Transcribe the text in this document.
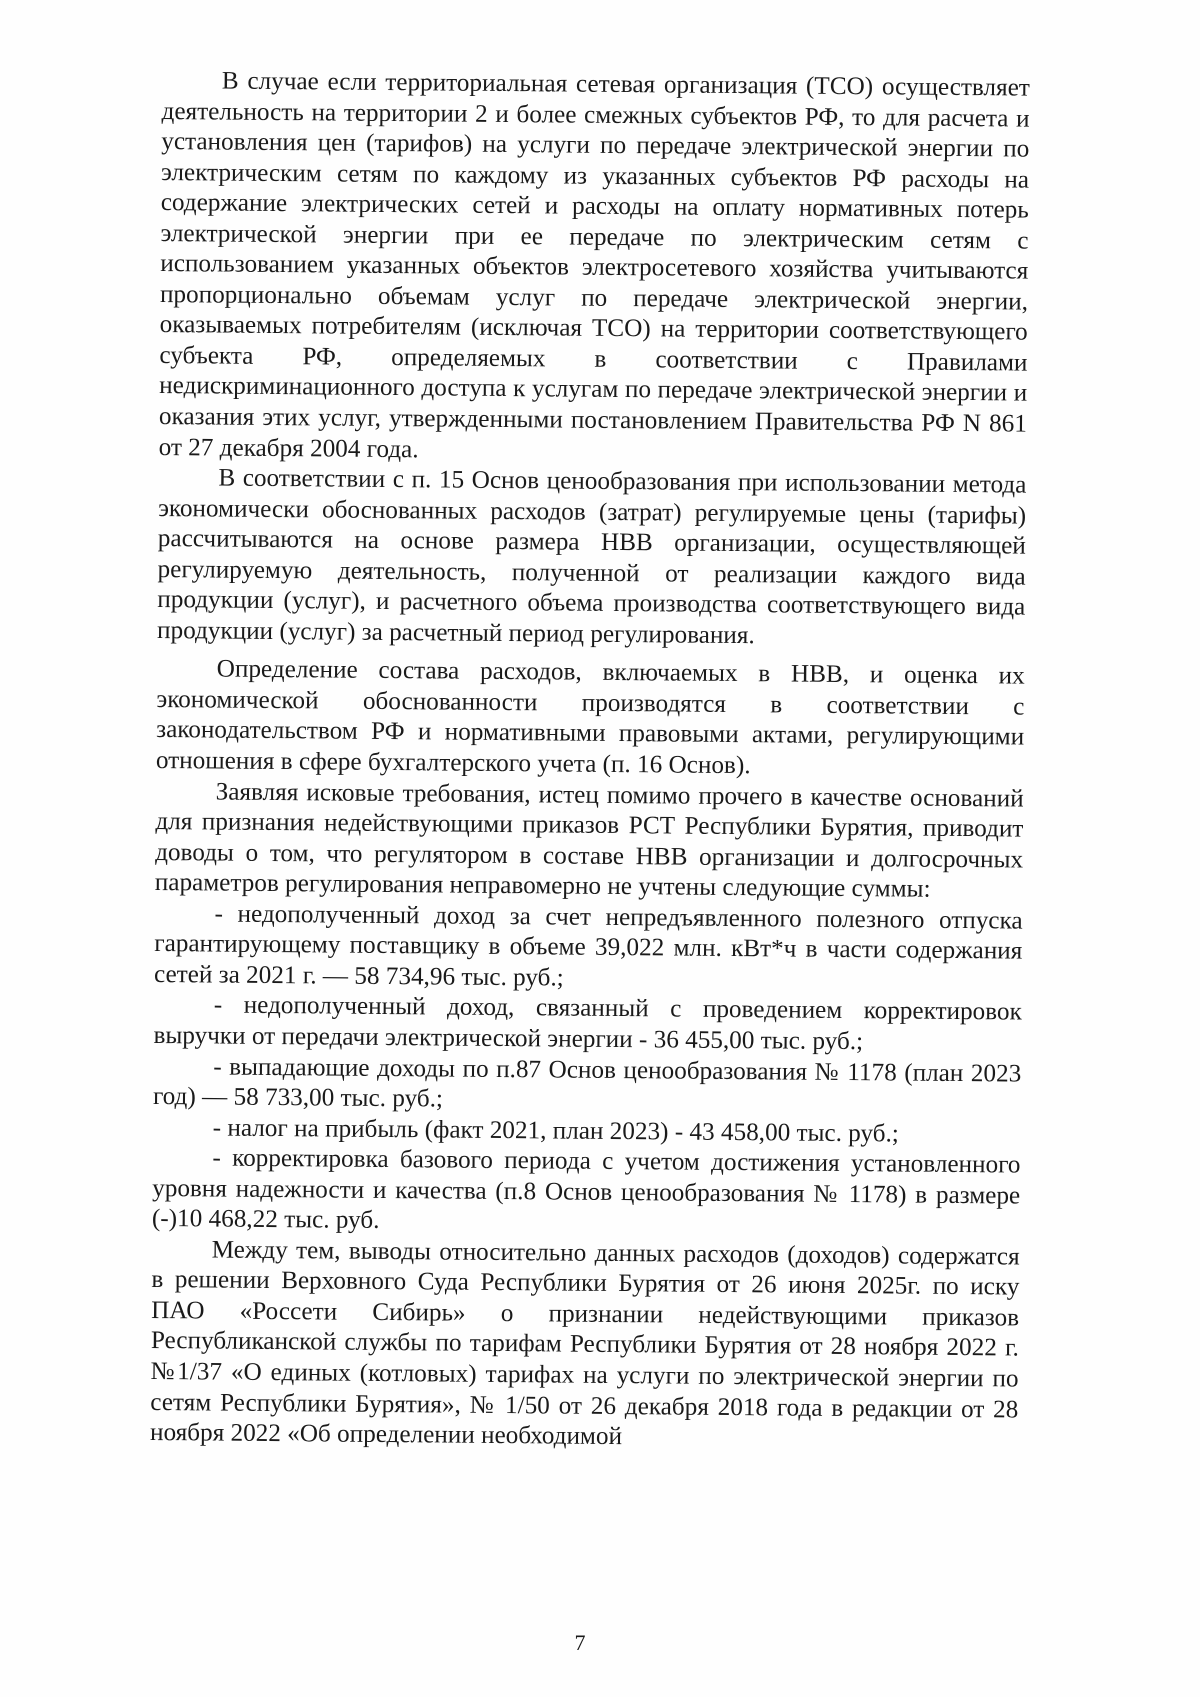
В случае если территориальная сетевая организация (ТСО) осуществляет деятельность на территории 2 и более смежных субъектов РФ, то для расчета и установления цен (тарифов) на услуги по передаче электрической энергии по электрическим сетям по каждому из указанных субъектов РФ расходы на содержание электрических сетей и расходы на оплату нормативных потерь электрической энергии при ее передаче по электрическим сетям с использованием указанных объектов электросетевого хозяйства учитываются пропорционально объемам услуг по передаче электрической энергии, оказываемых потребителям (исключая ТСО) на территории соответствующего субъекта РФ, определяемых в соответствии с Правилами недискриминационного доступа к услугам по передаче электрической энергии и оказания этих услуг, утвержденными постановлением Правительства РФ N 861 от 27 декабря 2004 года.

В соответствии с п. 15 Основ ценообразования при использовании метода экономически обоснованных расходов (затрат) регулируемые цены (тарифы) рассчитываются на основе размера НВВ организации, осуществляющей регулируемую деятельность, полученной от реализации каждого вида продукции (услуг), и расчетного объема производства соответствующего вида продукции (услуг) за расчетный период регулирования.

Определение состава расходов, включаемых в НВВ, и оценка их экономической обоснованности производятся в соответствии с законодательством РФ и нормативными правовыми актами, регулирующими отношения в сфере бухгалтерского учета (п. 16 Основ).

Заявляя исковые требования, истец помимо прочего в качестве оснований для признания недействующими приказов РСТ Республики Бурятия, приводит доводы о том, что регулятором в составе НВВ организации и долгосрочных параметров регулирования неправомерно не учтены следующие суммы:

- недополученный доход за счет непредъявленного полезного отпуска гарантирующему поставщику в объеме 39,022 млн. кВт*ч в части содержания сетей за 2021 г. — 58 734,96 тыс. руб.;

- недополученный доход, связанный с проведением корректировок выручки от передачи электрической энергии - 36 455,00 тыс. руб.;

- выпадающие доходы по п.87 Основ ценообразования № 1178 (план 2023 год) — 58 733,00 тыс. руб.;

- налог на прибыль (факт 2021, план 2023) - 43 458,00 тыс. руб.;

- корректировка базового периода с учетом достижения установленного уровня надежности и качества (п.8 Основ ценообразования № 1178) в размере (-)10 468,22 тыс. руб.

Между тем, выводы относительно данных расходов (доходов) содержатся в решении Верховного Суда Республики Бурятия от 26 июня 2025г. по иску ПАО «Россети Сибирь» о признании недействующими приказов Республиканской службы по тарифам Республики Бурятия от 28 ноября 2022 г. №1/37 «О единых (котловых) тарифах на услуги по электрической энергии по сетям Республики Бурятия», № 1/50 от 26 декабря 2018 года в редакции от 28 ноября 2022 «Об определении необходимой

7
